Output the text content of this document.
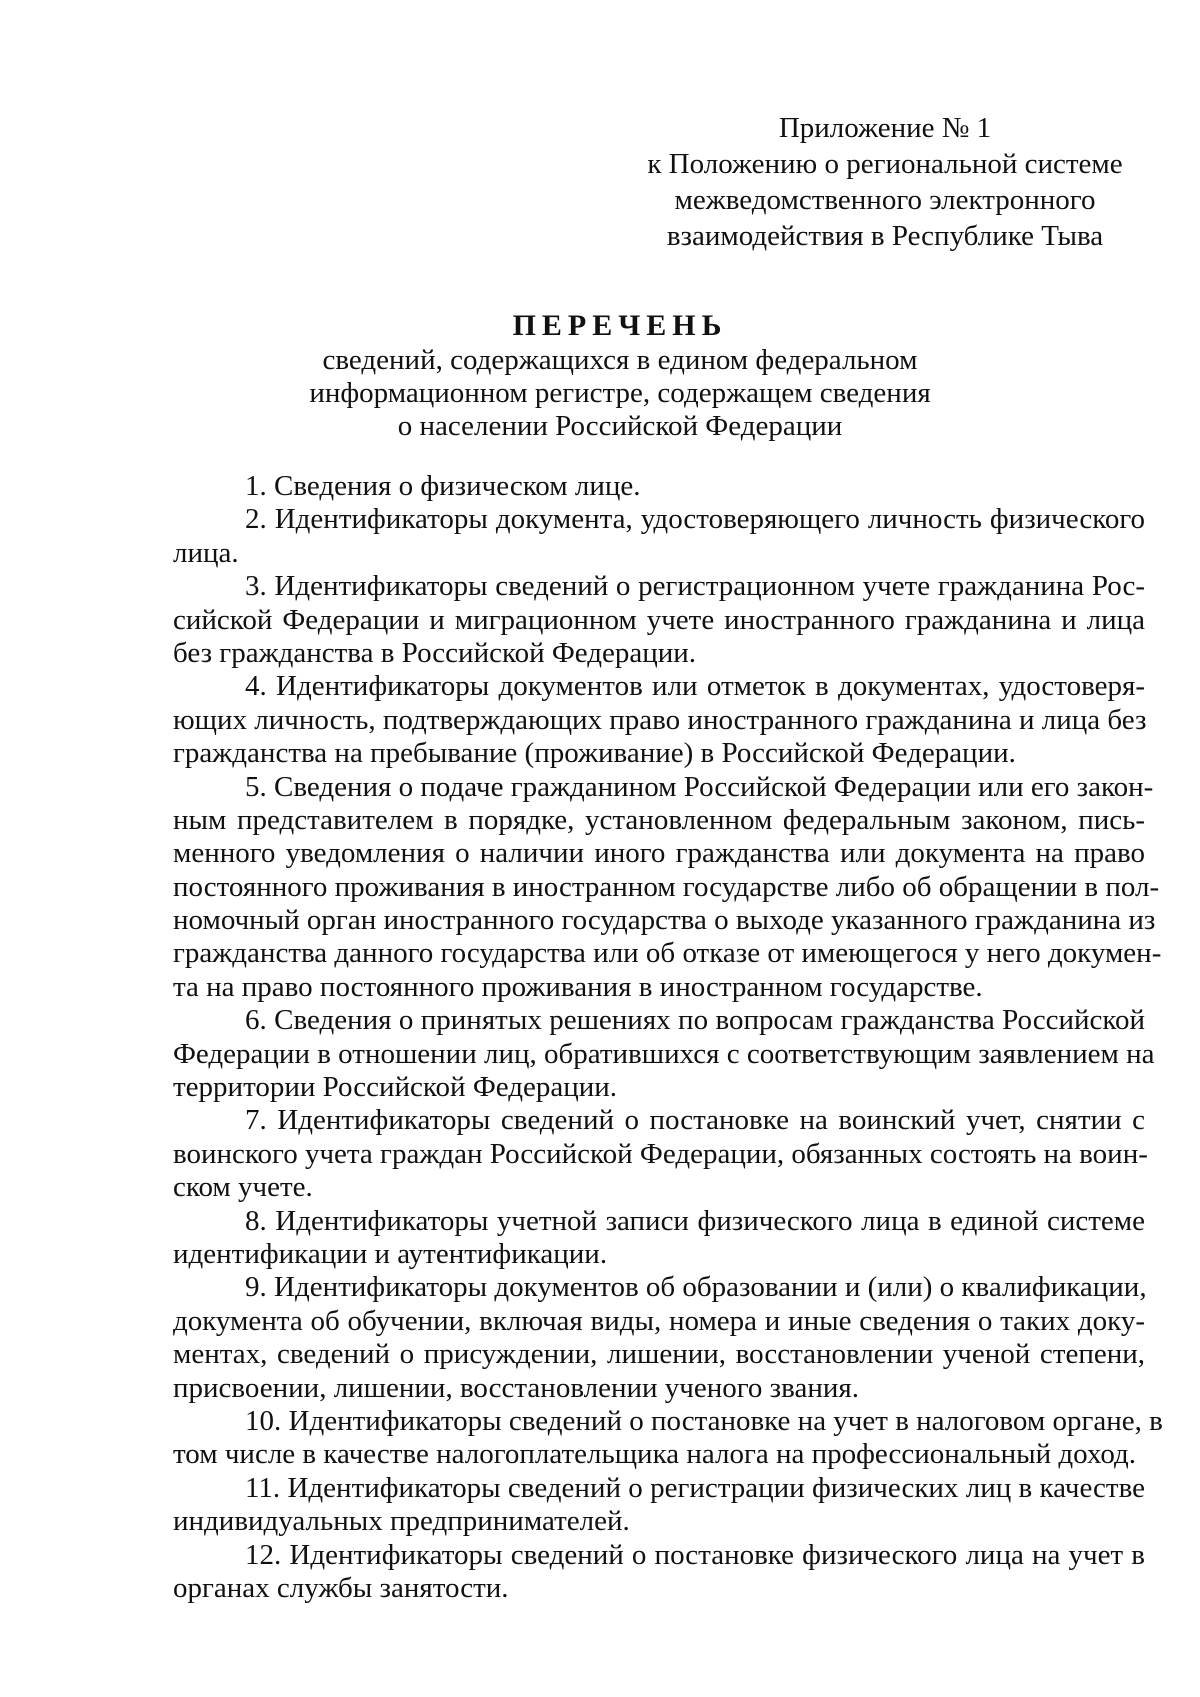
Приложение № 1
к Положению о региональной системе
межведомственного электронного
взаимодействия в Республике Тыва
ПЕРЕЧЕНЬ
сведений, содержащихся в едином федеральном
информационном регистре, содержащем сведения
о населении Российской Федерации
1. Сведения о физическом лице.
2. Идентификаторы документа, удостоверяющего личность физического
лица.
3. Идентификаторы сведений о регистрационном учете гражданина Рос-
сийской Федерации и миграционном учете иностранного гражданина и лица
без гражданства в Российской Федерации.
4. Идентификаторы документов или отметок в документах, удостоверя-
ющих личность, подтверждающих право иностранного гражданина и лица без
гражданства на пребывание (проживание) в Российской Федерации.
5. Сведения о подаче гражданином Российской Федерации или его закон-
ным представителем в порядке, установленном федеральным законом, пись-
менного уведомления о наличии иного гражданства или документа на право
постоянного проживания в иностранном государстве либо об обращении в пол-
номочный орган иностранного государства о выходе указанного гражданина из
гражданства данного государства или об отказе от имеющегося у него докумен-
та на право постоянного проживания в иностранном государстве.
6. Сведения о принятых решениях по вопросам гражданства Российской
Федерации в отношении лиц, обратившихся с соответствующим заявлением на
территории Российской Федерации.
7. Идентификаторы сведений о постановке на воинский учет, снятии с
воинского учета граждан Российской Федерации, обязанных состоять на воин-
ском учете.
8. Идентификаторы учетной записи физического лица в единой системе
идентификации и аутентификации.
9. Идентификаторы документов об образовании и (или) о квалификации,
документа об обучении, включая виды, номера и иные сведения о таких доку-
ментах, сведений о присуждении, лишении, восстановлении ученой степени,
присвоении, лишении, восстановлении ученого звания.
10. Идентификаторы сведений о постановке на учет в налоговом органе, в
том числе в качестве налогоплательщика налога на профессиональный доход.
11. Идентификаторы сведений о регистрации физических лиц в качестве
индивидуальных предпринимателей.
12. Идентификаторы сведений о постановке физического лица на учет в
органах службы занятости.
